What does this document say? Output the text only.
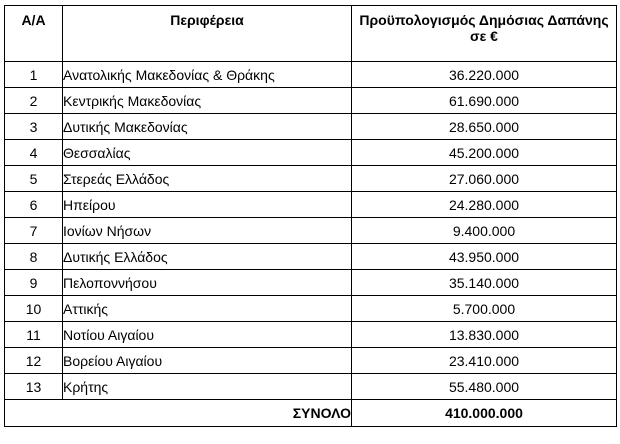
Α/Α	Περιφέρεια	Προϋπολογισμός Δημόσιας Δαπάνης
σε €

1	Ανατολικής Μακεδονίας & Θράκης	36.220.000
2	Κεντρικής Μακεδονίας	61.690.000
3	Δυτικής Μακεδονίας	28.650.000
4	Θεσσαλίας	45.200.000
5	Στερεάς Ελλάδος	27.060.000
6	Ηπείρου	24.280.000
7	Ιονίων Νήσων	9.400.000
8	Δυτικής Ελλάδος	43.950.000
9	Πελοποννήσου	35.140.000
10	Αττικής	5.700.000
11	Νοτίου Αιγαίου	13.830.000
12	Βορείου Αιγαίου	23.410.000
13	Κρήτης	55.480.000
ΣΥΝΟΛΟ		410.000.000
